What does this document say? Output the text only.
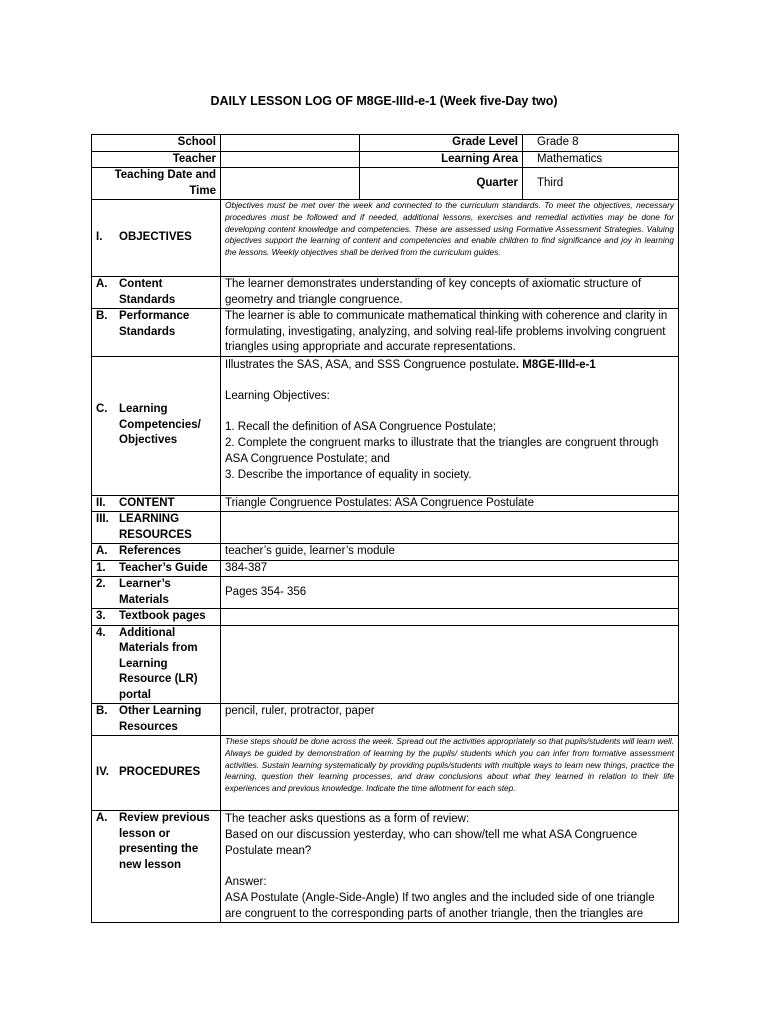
DAILY LESSON LOG OF M8GE-IIId-e-1 (Week five-Day two)
School		Grade Level	Grade 8
Teacher		Learning Area	Mathematics
Teaching Date and Time		Quarter	Third
I. OBJECTIVES	Objectives must be met over the week and connected to the curriculum standards. To meet the objectives, necessary procedures must be followed and if needed, additional lessons, exercises and remedial activities may be done for developing content knowledge and competencies. These are assessed using Formative Assessment Strategies. Valuing objectives support the learning of content and competencies and enable children to find significance and joy in learning the lessons. Weekly objectives shall be derived from the curriculum guides.		
A. Content Standards	The learner demonstrates understanding of key concepts of axiomatic structure of geometry and triangle congruence.		
B. Performance Standards	The learner is able to communicate mathematical thinking with coherence and clarity in formulating, investigating, analyzing, and solving real-life problems involving congruent triangles using appropriate and accurate representations.		
C. Learning Competencies/ Objectives	Illustrates the SAS, ASA, and SSS Congruence postulate. M8GE-IIId-e-1

Learning Objectives:

1. Recall the definition of ASA Congruence Postulate;

2. Complete the congruent marks to illustrate that the triangles are congruent through ASA Congruence Postulate; and

3. Describe the importance of equality in society.		

II. CONTENT	Triangle Congruence Postulates: ASA Congruence Postulate		
III. LEARNING RESOURCES			
A. References	teacher’s guide, learner’s module		
1. Teacher’s Guide	384-387		
2. Learner’s Materials	Pages 354- 356		
3. Textbook pages			
4. Additional Materials from Learning Resource (LR) portal			
B. Other Learning Resources	pencil, ruler, protractor, paper		
IV. PROCEDURES	These steps should be done across the week. Spread out the activities appropriately so that pupils/students will learn well. Always be guided by demonstration of learning by the pupils/ students which you can infer from formative assessment activities. Sustain learning systematically by providing pupils/students with multiple ways to learn new things, practice the learning, question their learning processes, and draw conclusions about what they learned in relation to their life experiences and previous knowledge. Indicate the time allotment for each step.		
A. Review previous lesson or presenting the new lesson	The teacher asks questions as a form of review:

Based on our discussion yesterday, who can show/tell me what ASA Congruence Postulate mean?

Answer:

ASA Postulate (Angle-Side-Angle) If two angles and the included side of one triangle are congruent to the corresponding parts of another triangle, then the triangles are		
